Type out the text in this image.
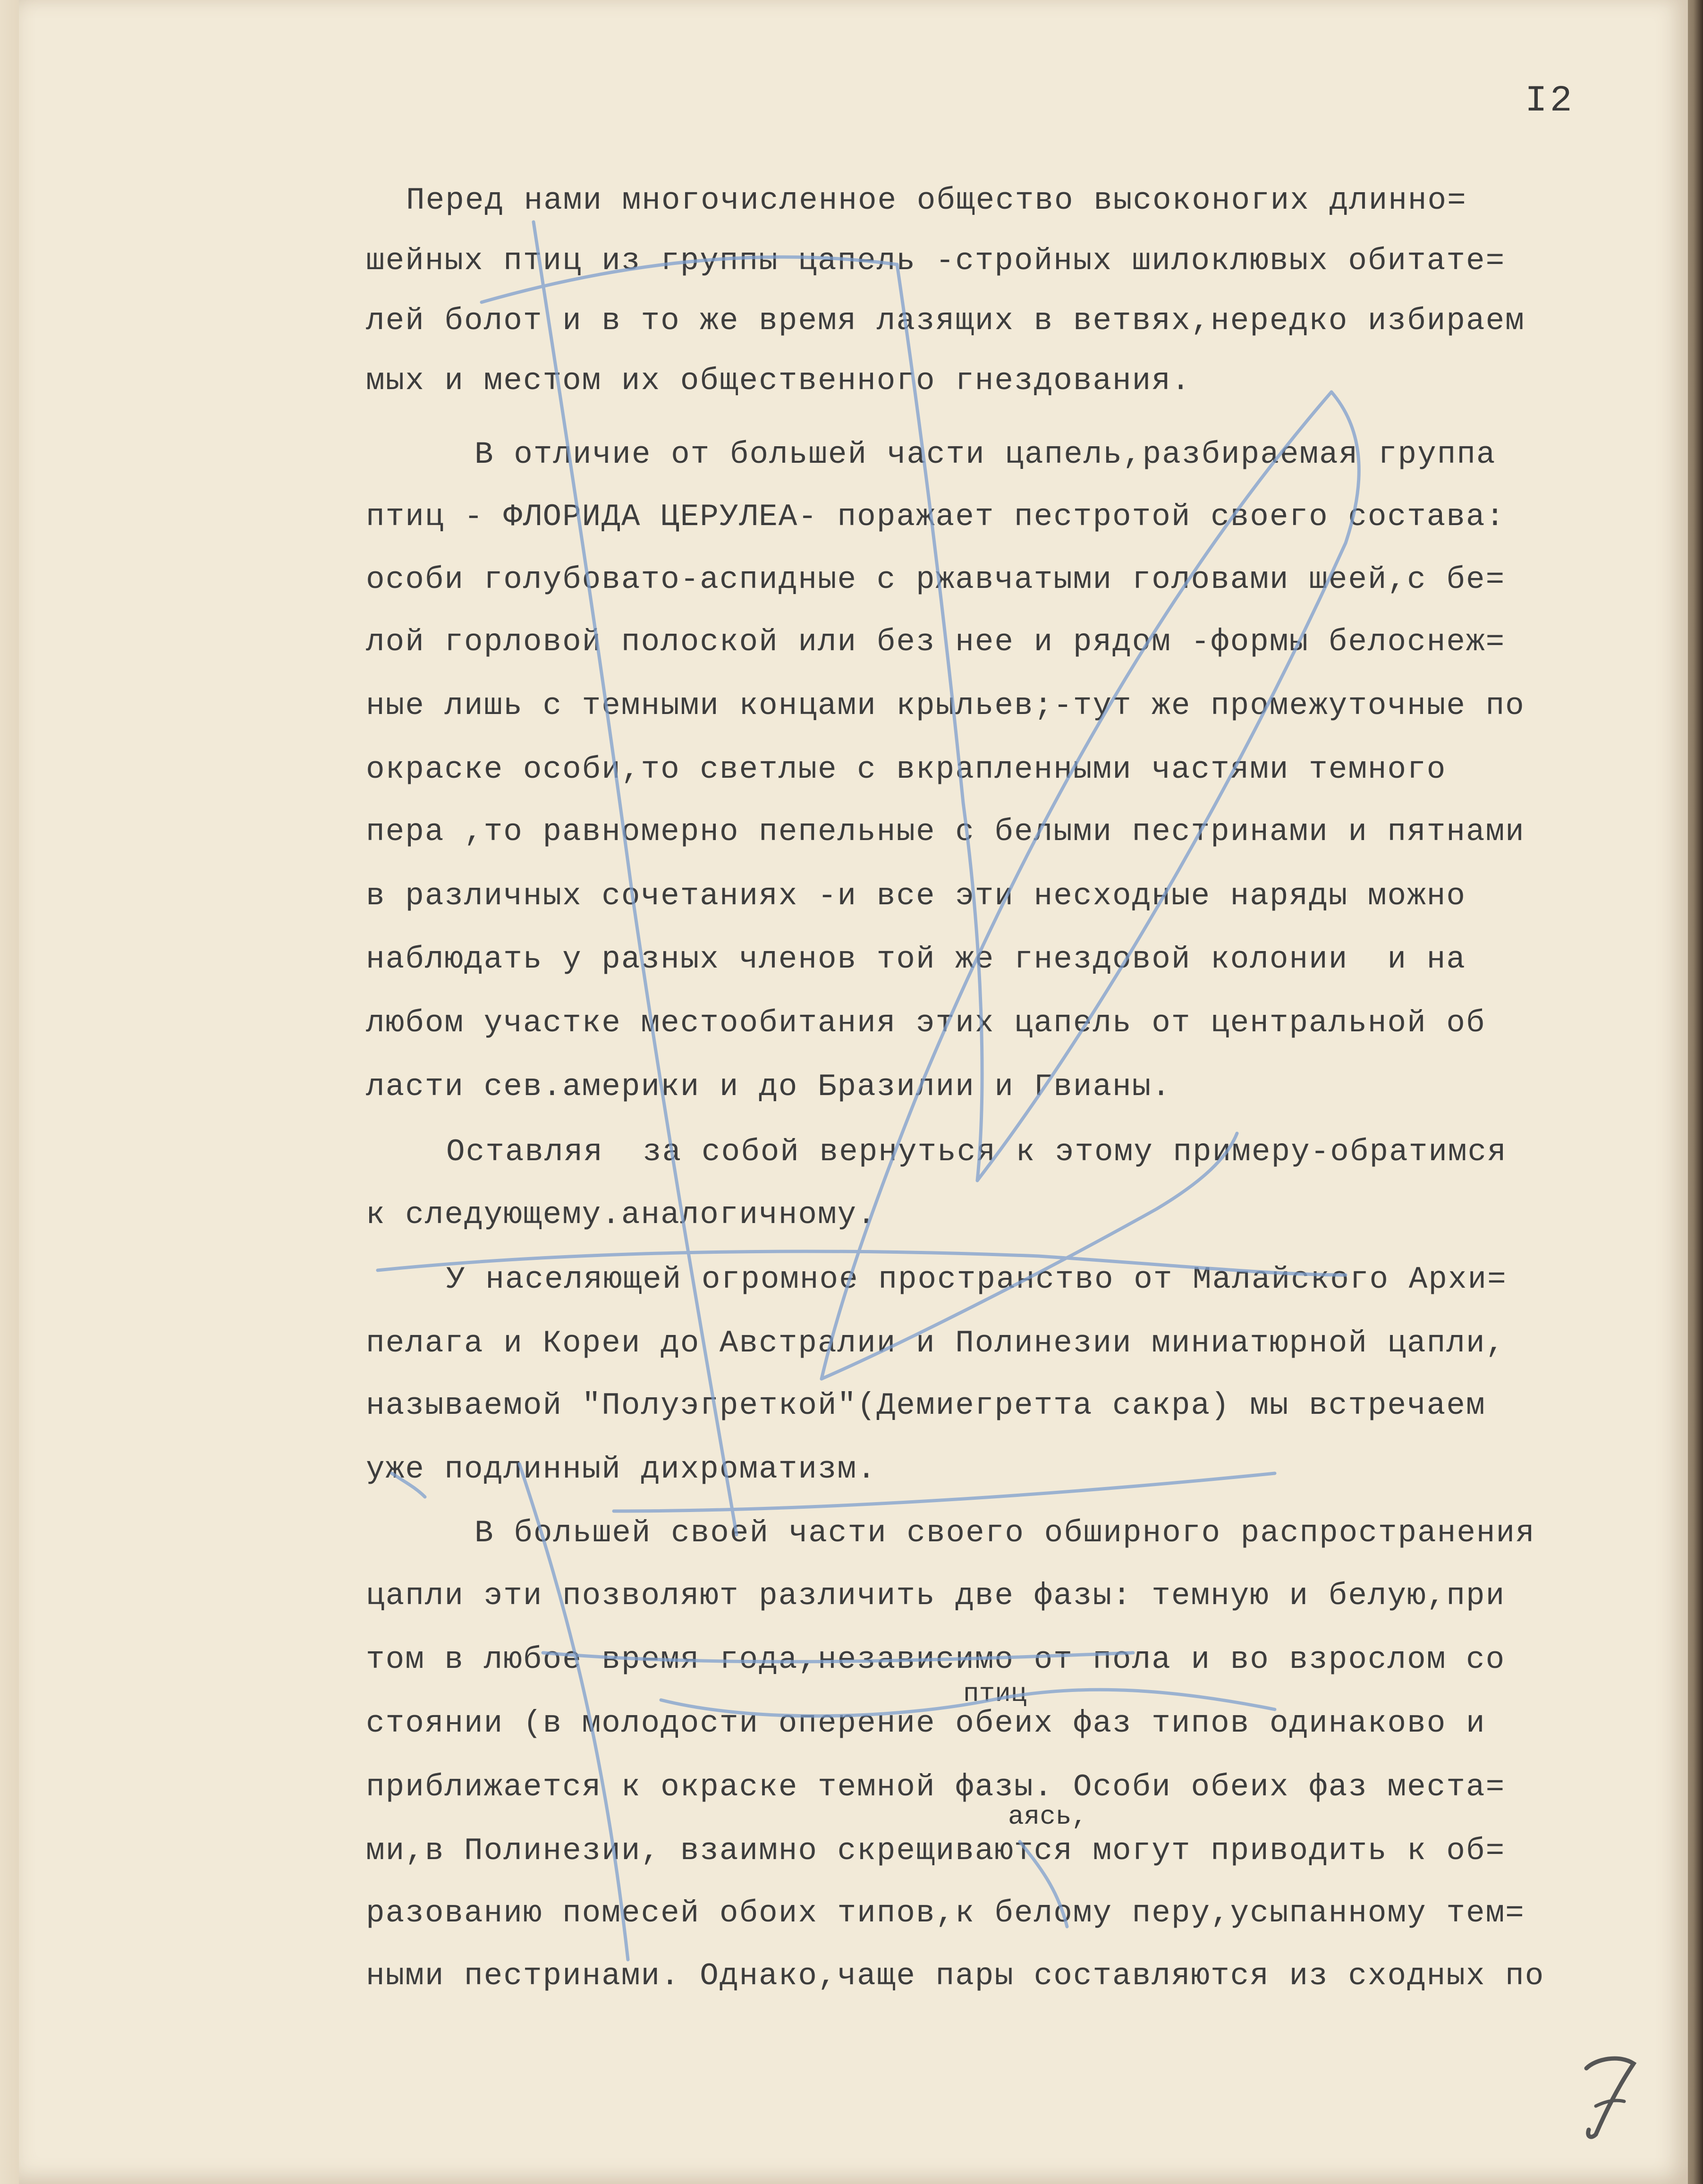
I2
Перед нами многочисленное общество высоконогих длинно=
шейных птиц из группы цапель -стройных шилоклювых обитате=
лей болот и в то же время лазящих в ветвях,нередко избираем
мых и местом их общественного гнездования.
В отличие от большей части цапель,разбираемая группа
птиц - ФЛОРИДА ЦЕРУЛЕА- поражает пестротой своего состава:
особи голубовато-аспидные с ржавчатыми головами шеей,с бе=
лой горловой полоской или без нее и рядом -формы белоснеж=
ные лишь с темными концами крыльев;-тут же промежуточные по
окраске особи,то светлые с вкрапленными частями темного
пера ,то равномерно пепельные с белыми пестринами и пятнами
в различных сочетаниях -и все эти несходные наряды можно
наблюдать у разных членов той же гнездовой колонии  и на
любом участке местообитания этих цапель от центральной об
ласти сев.америки и до Бразилии и Гвианы.
Оставляя  за собой вернуться к этому примеру-обратимся
к следующему.аналогичному.
У населяющей огромное пространство от Малайского Архи=
пелага и Кореи до Австралии и Полинезии миниатюрной цапли,
называемой "Полуэгреткой"(Демиегретта сакра) мы встречаем
уже подлинный дихроматизм.
В большей своей части своего обширного распространения
цапли эти позволяют различить две фазы: темную и белую,при
том в любое время года,независимо от пола и во взрослом со
стоянии (в молодости оперение обеих фаз типов одинаково и
приближается к окраске темной фазы. Особи обеих фаз места=
ми,в Полинезии, взаимно скрещиваются могут приводить к об=
разованию помесей обоих типов,к белому перу,усыпанному тем=
ными пестринами. Однако,чаще пары составляются из сходных по
птиц
аясь,
